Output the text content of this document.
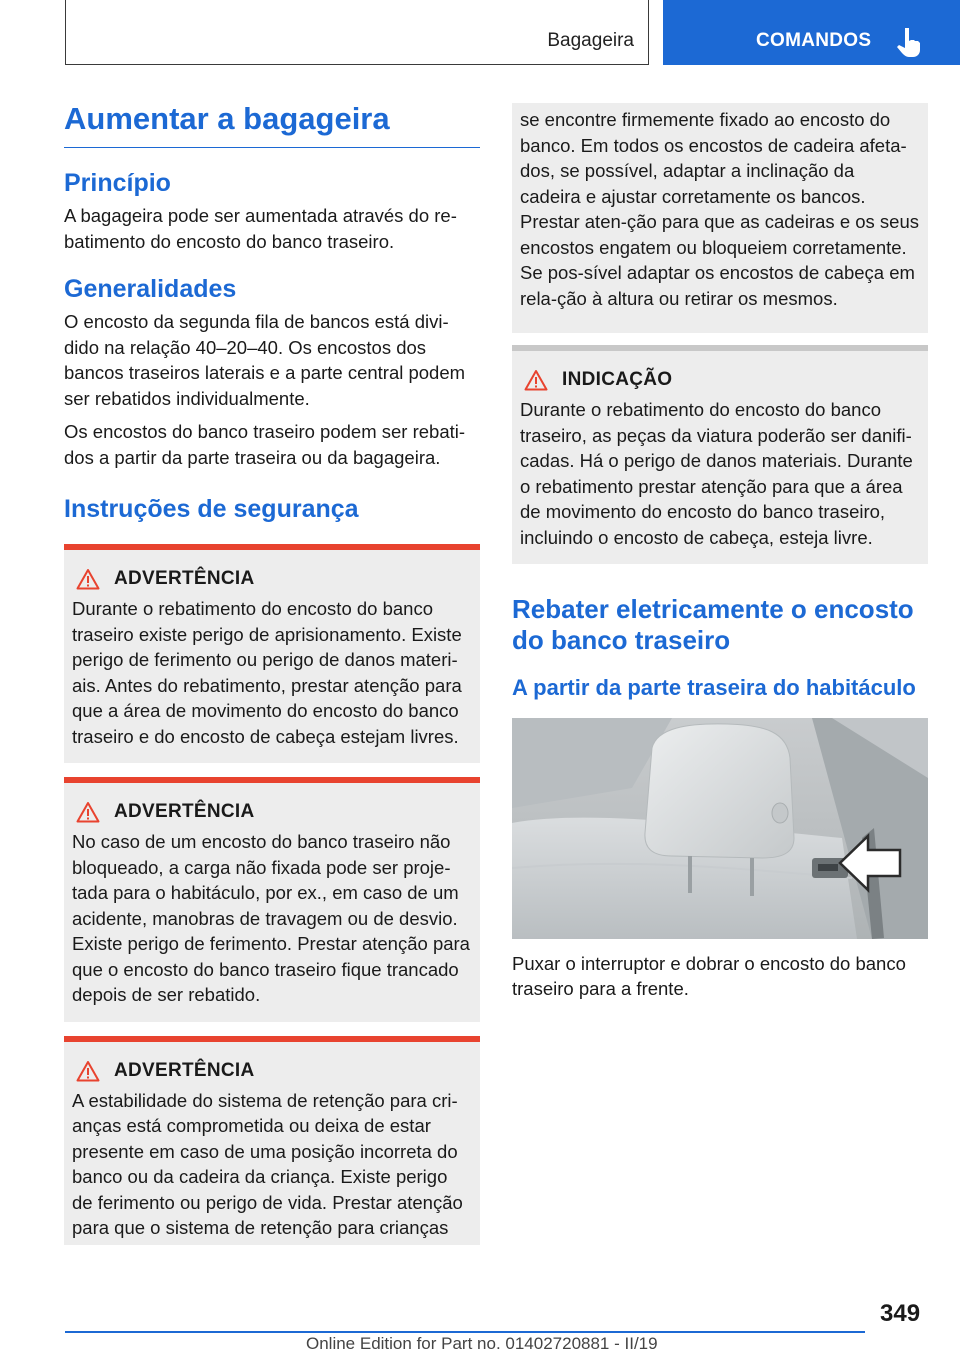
Bagageira	COMANDOS
Aumentar a bagageira
Princípio

A bagageira pode ser aumentada através do re-batimento do encosto do banco traseiro.

Generalidades

O encosto da segunda fila de bancos está divi-dido na relação 40–20–40. Os encostos dos bancos traseiros laterais e a parte central podem ser rebatidos individualmente.

Os encostos do banco traseiro podem ser rebati-dos a partir da parte traseira ou da bagageira.

Instruções de segurança
ADVERTÊNCIA

Durante o rebatimento do encosto do banco traseiro existe perigo de aprisionamento. Existe perigo de ferimento ou perigo de danos materi-ais. Antes do rebatimento, prestar atenção para que a área de movimento do encosto do banco traseiro e do encosto de cabeça estejam livres.

ADVERTÊNCIA

No caso de um encosto do banco traseiro não bloqueado, a carga não fixada pode ser proje-tada para o habitáculo, por ex., em caso de um acidente, manobras de travagem ou de desvio. Existe perigo de ferimento. Prestar atenção para que o encosto do banco traseiro fique trancado depois de ser rebatido.

ADVERTÊNCIA

A estabilidade do sistema de retenção para cri-anças está comprometida ou deixa de estar presente em caso de uma posição incorreta do banco ou da cadeira da criança. Existe perigo de ferimento ou perigo de vida. Prestar atenção para que o sistema de retenção para crianças

se encontre firmemente fixado ao encosto do banco. Em todos os encostos de cadeira afeta-dos, se possível, adaptar a inclinação da cadeira e ajustar corretamente os bancos. Prestar aten-ção para que as cadeiras e os seus encostos engatem ou bloqueiem corretamente. Se pos-sível adaptar os encostos de cabeça em rela-ção à altura ou retirar os mesmos.

INDICAÇÃO

Durante o rebatimento do encosto do banco traseiro, as peças da viatura poderão ser danifi-cadas. Há o perigo de danos materiais. Durante o rebatimento prestar atenção para que a área de movimento do encosto do banco traseiro, incluindo o encosto de cabeça, esteja livre.

Rebater eletricamente o encosto do banco traseiro
A partir da parte traseira do habitáculo

Puxar o interruptor e dobrar o encosto do banco traseiro para a frente.

349
Online Edition for Part no. 01402720881 - II/19
